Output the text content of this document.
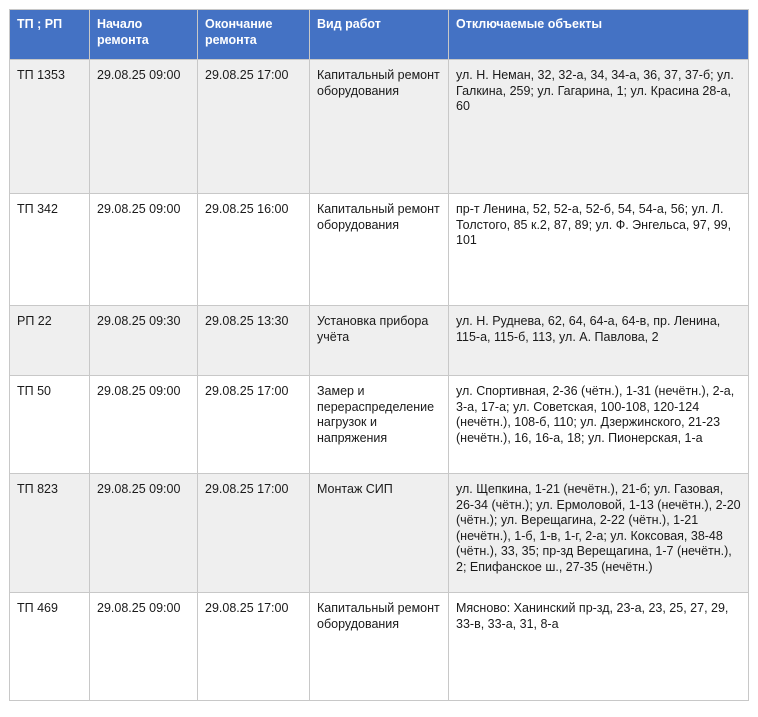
ТП ; РП	Начало ремонта	Окончание ремонта	Вид работ	Отключаемые объекты
ТП 1353	29.08.25 09:00	29.08.25 17:00	Капитальный ремонт оборудования	ул. Н. Неман, 32, 32-а, 34, 34-а, 36, 37, 37-б; ул. Галкина, 259; ул. Гагарина, 1; ул. Красина 28-а, 60
ТП 342	29.08.25 09:00	29.08.25 16:00	Капитальный ремонт оборудования	пр-т Ленина, 52, 52-а, 52-б, 54, 54-а, 56; ул. Л. Толстого, 85 к.2, 87, 89; ул. Ф. Энгельса, 97, 99, 101
РП 22	29.08.25 09:30	29.08.25 13:30	Установка прибора учёта	ул. Н. Руднева, 62, 64, 64-а, 64-в, пр. Ленина, 115-а, 115-б, 113, ул. А. Павлова, 2
ТП 50	29.08.25 09:00	29.08.25 17:00	Замер и перераспределение нагрузок и напряжения	ул. Спортивная, 2-36 (чётн.), 1-31 (нечётн.), 2-а, 3-а, 17-а; ул. Советская, 100-108, 120-124 (нечётн.), 108-б, 110; ул. Дзержинского, 21-23 (нечётн.), 16, 16-а, 18; ул. Пионерская, 1-а
ТП 823	29.08.25 09:00	29.08.25 17:00	Монтаж СИП	ул. Щепкина, 1-21 (нечётн.), 21-б; ул. Газовая, 26-34 (чётн.); ул. Ермоловой, 1-13 (нечётн.), 2-20 (чётн.); ул. Верещагина, 2-22 (чётн.), 1-21 (нечётн.), 1-б, 1-в, 1-г, 2-а; ул. Коксовая, 38-48 (чётн.), 33, 35; пр-зд Верещагина, 1-7 (нечётн.), 2; Епифанское ш., 27-35 (нечётн.)
ТП 469	29.08.25 09:00	29.08.25 17:00	Капитальный ремонт оборудования	Мясново: Ханинский пр-зд, 23-а, 23, 25, 27, 29, 33-в, 33-а, 31, 8-а
